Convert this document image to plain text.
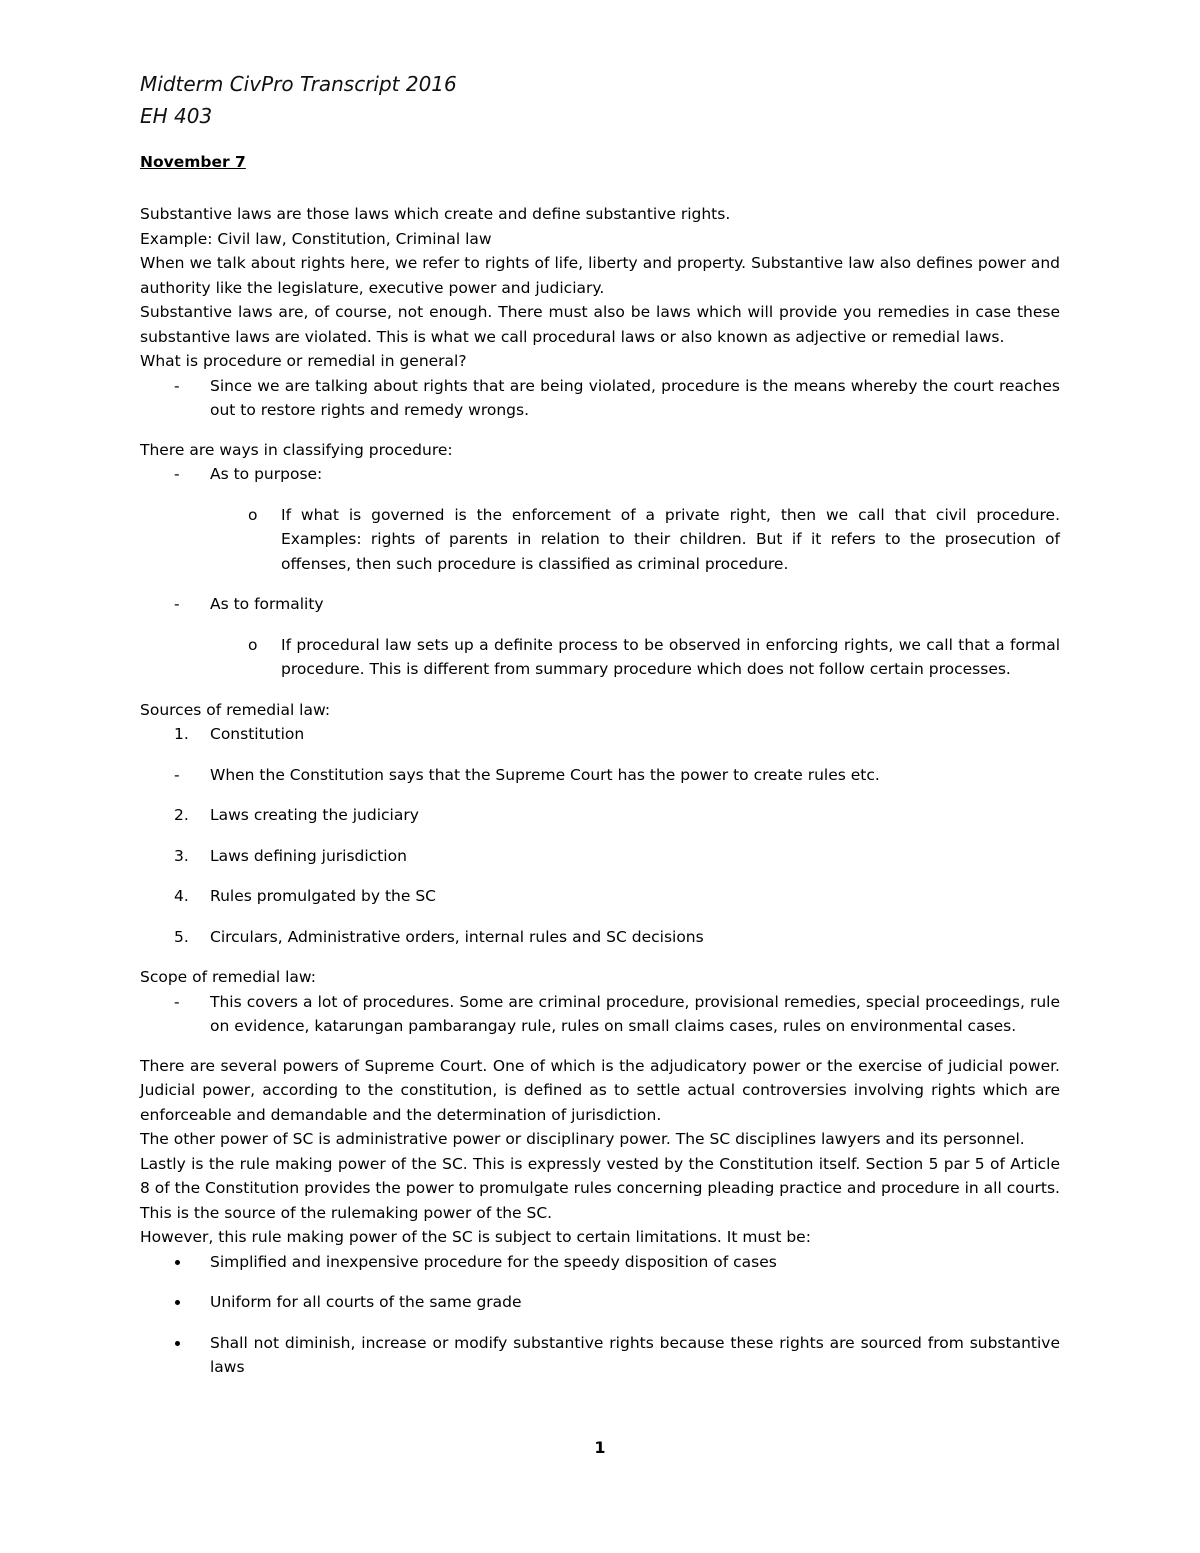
Midterm CivPro Transcript 2016
EH 403
November 7

Substantive laws are those laws which create and define substantive rights.

Example: Civil law, Constitution, Criminal law

When we talk about rights here, we refer to rights of life, liberty and property. Substantive law also defines power and authority like the legislature, executive power and judiciary.

Substantive laws are, of course, not enough. There must also be laws which will provide you remedies in case these substantive laws are violated. This is what we call procedural laws or also known as adjective or remedial laws.

What is procedure or remedial in general?

- Since we are talking about rights that are being violated, procedure is the means whereby the court reaches out to restore rights and remedy wrongs.

There are ways in classifying procedure:

- As to purpose:
o If what is governed is the enforcement of a private right, then we call that civil procedure. Examples: rights of parents in relation to their children. But if it refers to the prosecution of offenses, then such procedure is classified as criminal procedure.
- As to formality
o If procedural law sets up a definite process to be observed in enforcing rights, we call that a formal procedure. This is different from summary procedure which does not follow certain processes.

Sources of remedial law:

1. Constitution
- When the Constitution says that the Supreme Court has the power to create rules etc.
2. Laws creating the judiciary
3. Laws defining jurisdiction
4. Rules promulgated by the SC
5. Circulars, Administrative orders, internal rules and SC decisions

Scope of remedial law:

- This covers a lot of procedures. Some are criminal procedure, provisional remedies, special proceedings, rule on evidence, katarungan pambarangay rule, rules on small claims cases, rules on environmental cases.

There are several powers of Supreme Court. One of which is the adjudicatory power or the exercise of judicial power. Judicial power, according to the constitution, is defined as to settle actual controversies involving rights which are enforceable and demandable and the determination of jurisdiction.

The other power of SC is administrative power or disciplinary power. The SC disciplines lawyers and its personnel.

Lastly is the rule making power of the SC. This is expressly vested by the Constitution itself. Section 5 par 5 of Article 8 of the Constitution provides the power to promulgate rules concerning pleading practice and procedure in all courts. This is the source of the rulemaking power of the SC.

However, this rule making power of the SC is subject to certain limitations. It must be:

Simplified and inexpensive procedure for the speedy disposition of cases
Uniform for all courts of the same grade
Shall not diminish, increase or modify substantive rights because these rights are sourced from substantive laws
1
